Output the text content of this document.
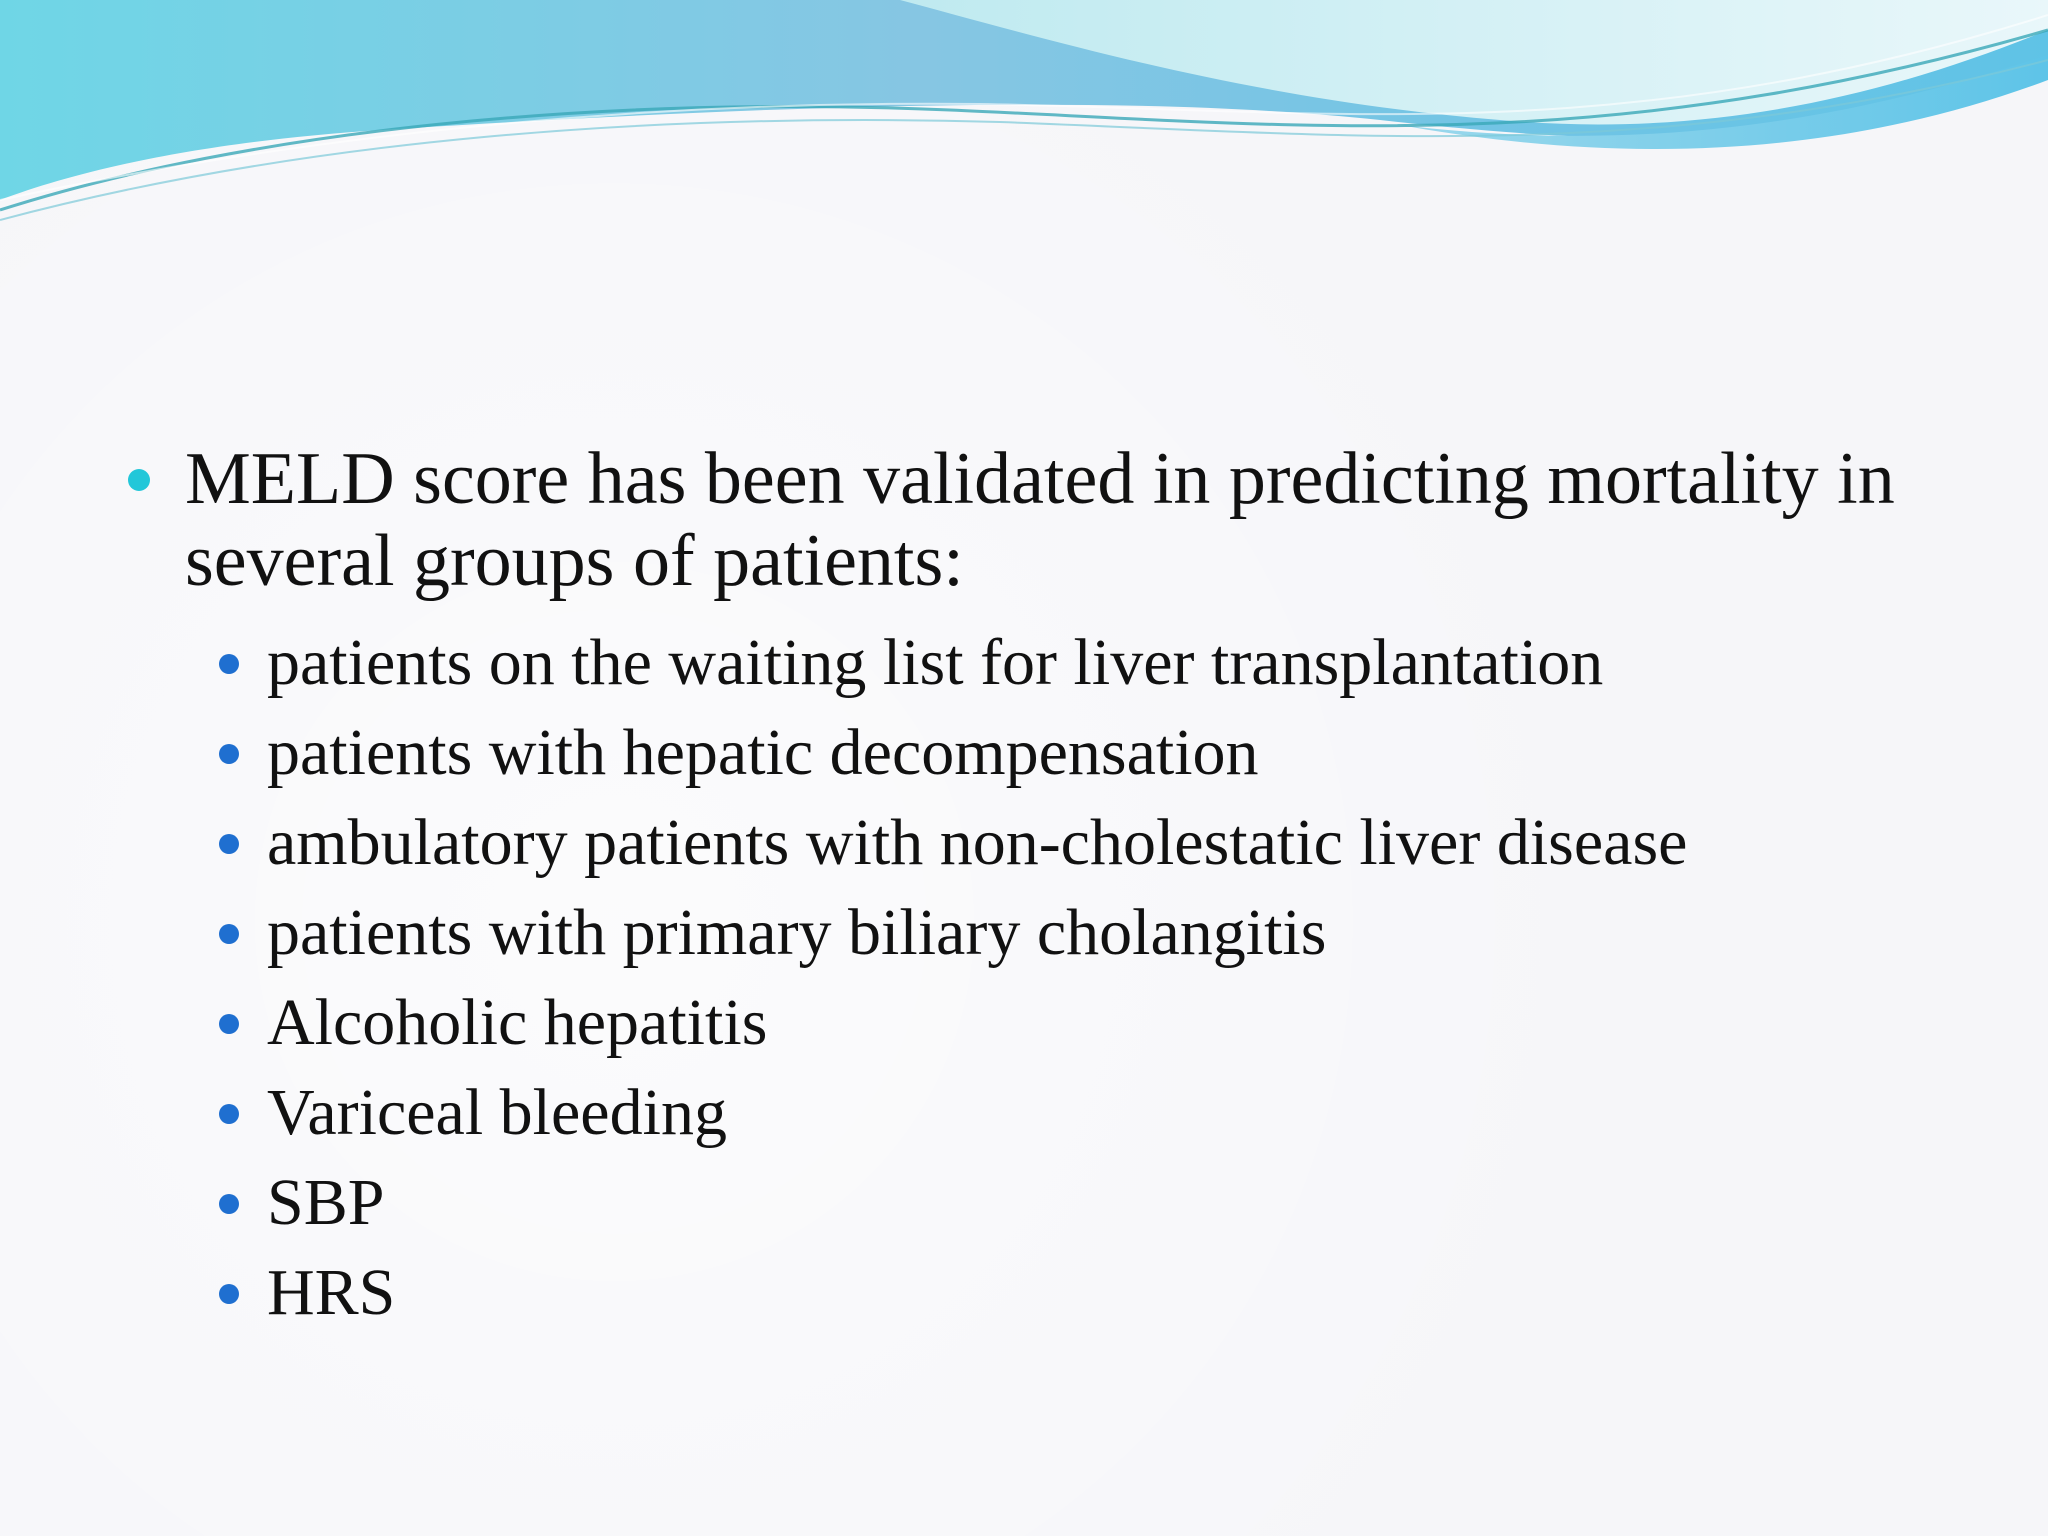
MELD score has been validated in predicting mortality in several groups of patients:

patients on the waiting list for liver transplantation
patients with hepatic decompensation
ambulatory patients with non-cholestatic liver disease
patients with primary biliary cholangitis
Alcoholic hepatitis
Variceal bleeding
SBP
HRS
